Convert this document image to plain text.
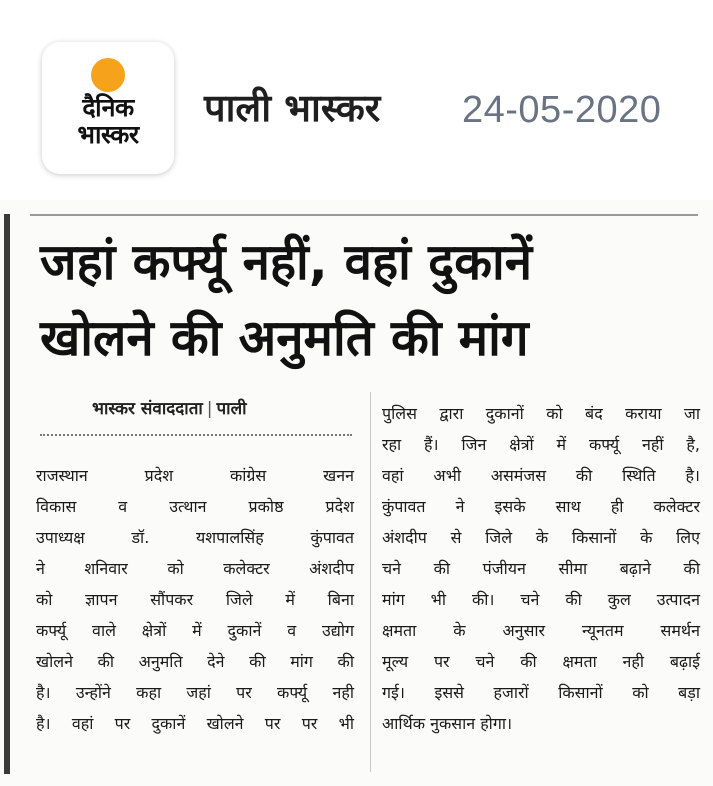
दैनिक
भास्कर
पाली भास्कर 24-05-2020
जहां कर्फ्यू नहीं, वहां दुकानें
खोलने की अनुमति की मांग
भास्कर संवाददाता | पाली
राजस्थान प्रदेश कांग्रेस खनन
विकास व उत्थान प्रकोष्ठ प्रदेश
उपाध्यक्ष डॉ. यशपालसिंह कुंपावत
ने शनिवार को कलेक्टर अंशदीप
को ज्ञापन सौंपकर जिले में बिना
कर्फ्यू वाले क्षेत्रों में दुकानें व उद्योग
खोलने की अनुमति देने की मांग की
है। उन्होंने कहा जहां पर कर्फ्यू नही
है। वहां पर दुकानें खोलने पर पर भी
पुलिस द्वारा दुकानों को बंद कराया जा
रहा हैं। जिन क्षेत्रों में कर्फ्यू नहीं है,
वहां अभी असमंजस की स्थिति है।
कुंपावत ने इसके साथ ही कलेक्टर
अंशदीप से जिले के किसानों के लिए
चने की पंजीयन सीमा बढ़ाने की
मांग भी की। चने की कुल उत्पादन
क्षमता के अनुसार न्यूनतम समर्थन
मूल्य पर चने की क्षमता नही बढ़ाई
गई। इससे हजारों किसानों को बड़ा
आर्थिक नुकसान होगा।
